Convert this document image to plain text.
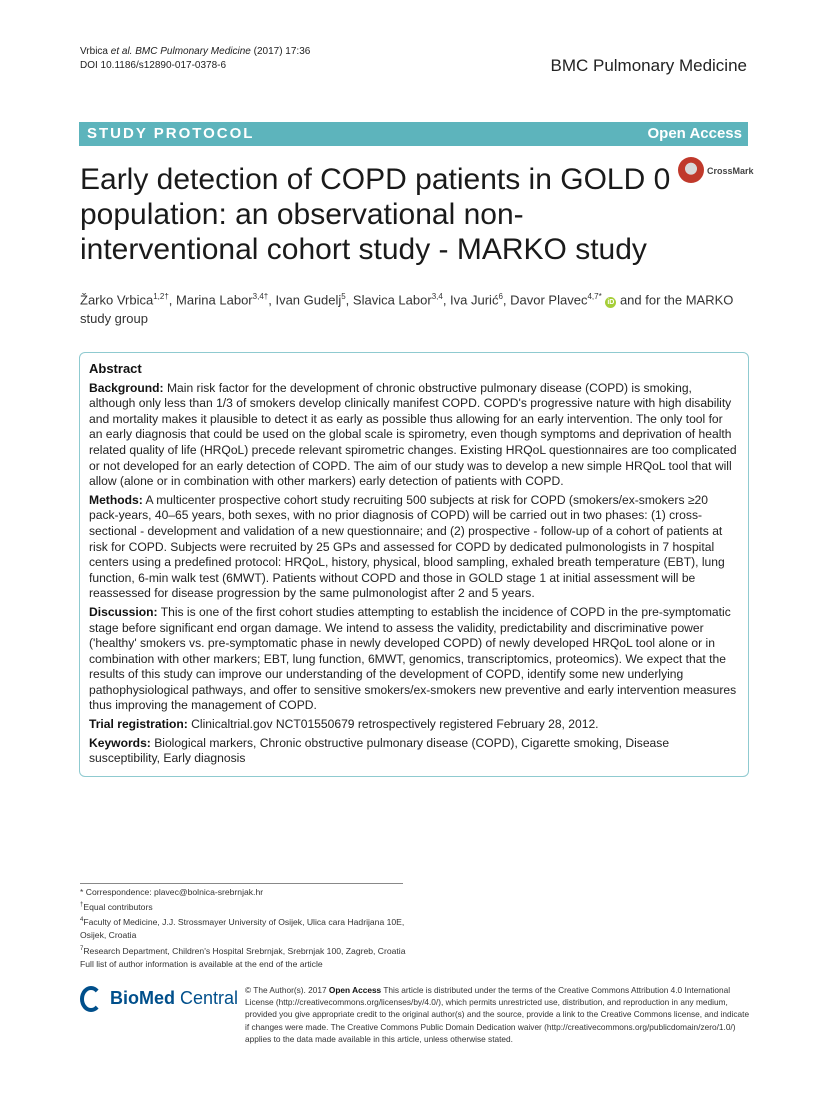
Vrbica et al. BMC Pulmonary Medicine (2017) 17:36
DOI 10.1186/s12890-017-0378-6	BMC Pulmonary Medicine
STUDY PROTOCOL	Open Access
Early detection of COPD patients in GOLD 0 population: an observational non-interventional cohort study - MARKO study
CrossMark
Žarko Vrbica$^{1,2\dagger}$, Marina Labor$^{3,4\dagger}$, Ivan Gudelj$^5$, Slavica Labor$^{3,4}$, Iva Jurić$^6$, Davor Plavec$^{4,7*}$ iD and for the MARKO study group
Abstract

Background: Main risk factor for the development of chronic obstructive pulmonary disease (COPD) is smoking, although only less than 1/3 of smokers develop clinically manifest COPD. COPD's progressive nature with high disability and mortality makes it plausible to detect it as early as possible thus allowing for an early intervention. The only tool for an early diagnosis that could be used on the global scale is spirometry, even though symptoms and deprivation of health related quality of life (HRQoL) precede relevant spirometric changes. Existing HRQoL questionnaires are too complicated or not developed for an early detection of COPD. The aim of our study was to develop a new simple HRQoL tool that will allow (alone or in combination with other markers) early detection of patients with COPD.

Methods: A multicenter prospective cohort study recruiting 500 subjects at risk for COPD (smokers/ex-smokers ≥20 pack-years, 40–65 years, both sexes, with no prior diagnosis of COPD) will be carried out in two phases: (1) cross-sectional - development and validation of a new questionnaire; and (2) prospective - follow-up of a cohort of patients at risk for COPD. Subjects were recruited by 25 GPs and assessed for COPD by dedicated pulmonologists in 7 hospital centers using a predefined protocol: HRQoL, history, physical, blood sampling, exhaled breath temperature (EBT), lung function, 6-min walk test (6MWT). Patients without COPD and those in GOLD stage 1 at initial assessment will be reassessed for disease progression by the same pulmonologist after 2 and 5 years.

Discussion: This is one of the first cohort studies attempting to establish the incidence of COPD in the pre-symptomatic stage before significant end organ damage. We intend to assess the validity, predictability and discriminative power ('healthy' smokers vs. pre-symptomatic phase in newly developed COPD) of newly developed HRQoL tool alone or in combination with other markers; EBT, lung function, 6MWT, genomics, transcriptomics, proteomics). We expect that the results of this study can improve our understanding of the development of COPD, identify some new underlying pathophysiological pathways, and offer to sensitive smokers/ex-smokers new preventive and early intervention measures thus improving the management of COPD.

Trial registration: Clinicaltrial.gov NCT01550679 retrospectively registered February 28, 2012.

Keywords: Biological markers, Chronic obstructive pulmonary disease (COPD), Cigarette smoking, Disease susceptibility, Early diagnosis

* Correspondence: plavec@bolnica-srebrnjak.hr

†Equal contributors

$^4$Faculty of Medicine, J.J. Strossmayer University of Osijek, Ulica cara Hadrijana 10E, Osijek, Croatia

$^7$Research Department, Children's Hospital Srebrnjak, Srebrnjak 100, Zagreb, Croatia

Full list of author information is available at the end of the article

BioMed Central © The Author(s). 2017 Open Access This article is distributed under the terms of the Creative Commons Attribution 4.0 International License (http://creativecommons.org/licenses/by/4.0/), which permits unrestricted use, distribution, and reproduction in any medium, provided you give appropriate credit to the original author(s) and the source, provide a link to the Creative Commons license, and indicate if changes were made. The Creative Commons Public Domain Dedication waiver (http://creativecommons.org/publicdomain/zero/1.0/) applies to the data made available in this article, unless otherwise stated.
